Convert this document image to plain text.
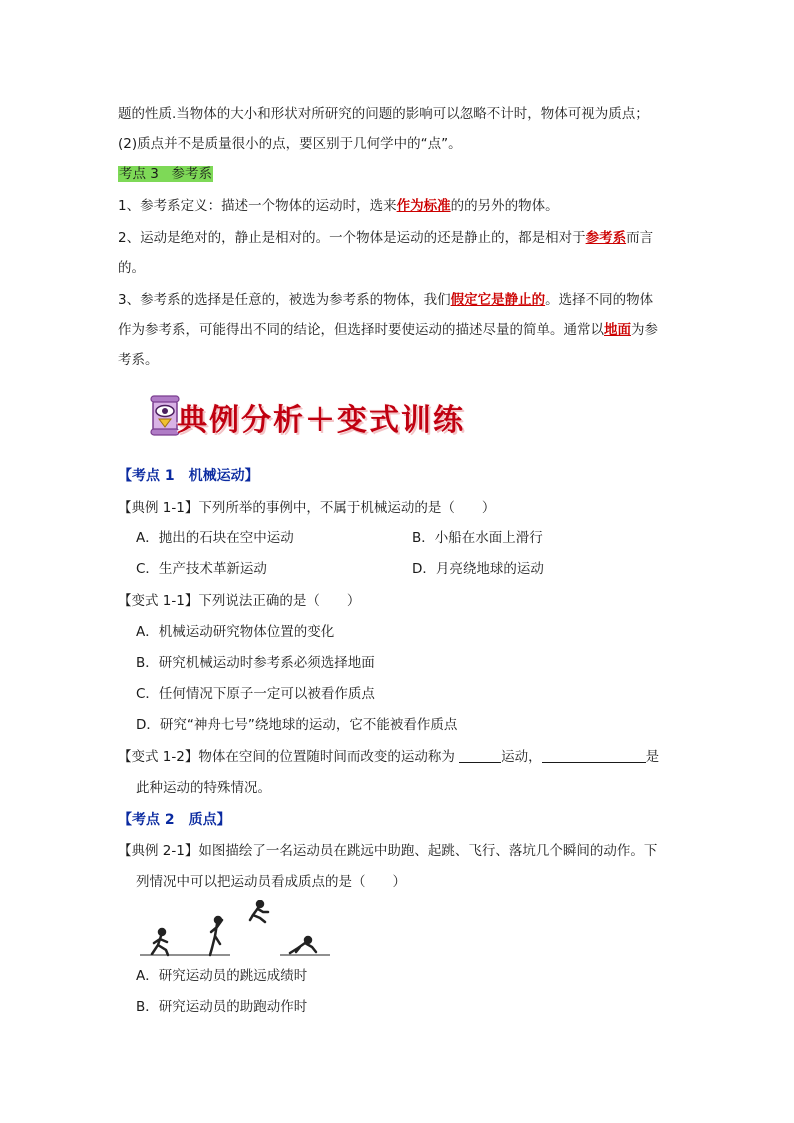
题的性质.当物体的大小和形状对所研究的问题的影响可以忽略不计时，物体可视为质点；
(2)质点并不是质量很小的点，要区别于几何学中的“点”。
考点 3 参考系
1、参考系定义：描述一个物体的运动时，选来作为标准的的另外的物体。
2、运动是绝对的，静止是相对的。一个物体是运动的还是静止的，都是相对于参考系而言
的。
3、参考系的选择是任意的，被选为参考系的物体，我们假定它是静止的。选择不同的物体
作为参考系，可能得出不同的结论，但选择时要使运动的描述尽量的简单。通常以地面为参
考系。
典例分析＋变式训练
【考点 1　机械运动】
【典例 1-1】下列所举的事例中，不属于机械运动的是（　　）
A．抛出的石块在空中运动	B．小船在水面上滑行
C．生产技术革新运动	D．月亮绕地球的运动
【变式 1-1】下列说法正确的是（　　）
A．机械运动研究物体位置的变化
B．研究机械运动时参考系必须选择地面
C．任何情况下原子一定可以被看作质点
D．研究“神舟七号”绕地球的运动，它不能被看作质点
【变式 1-2】物体在空间的位置随时间而改变的运动称为	运动，	是
此种运动的特殊情况。
【考点 2　质点】
【典例 2-1】如图描绘了一名运动员在跳远中助跑、起跳、飞行、落坑几个瞬间的动作。下
列情况中可以把运动员看成质点的是（　　）
A．研究运动员的跳远成绩时
B．研究运动员的助跑动作时
